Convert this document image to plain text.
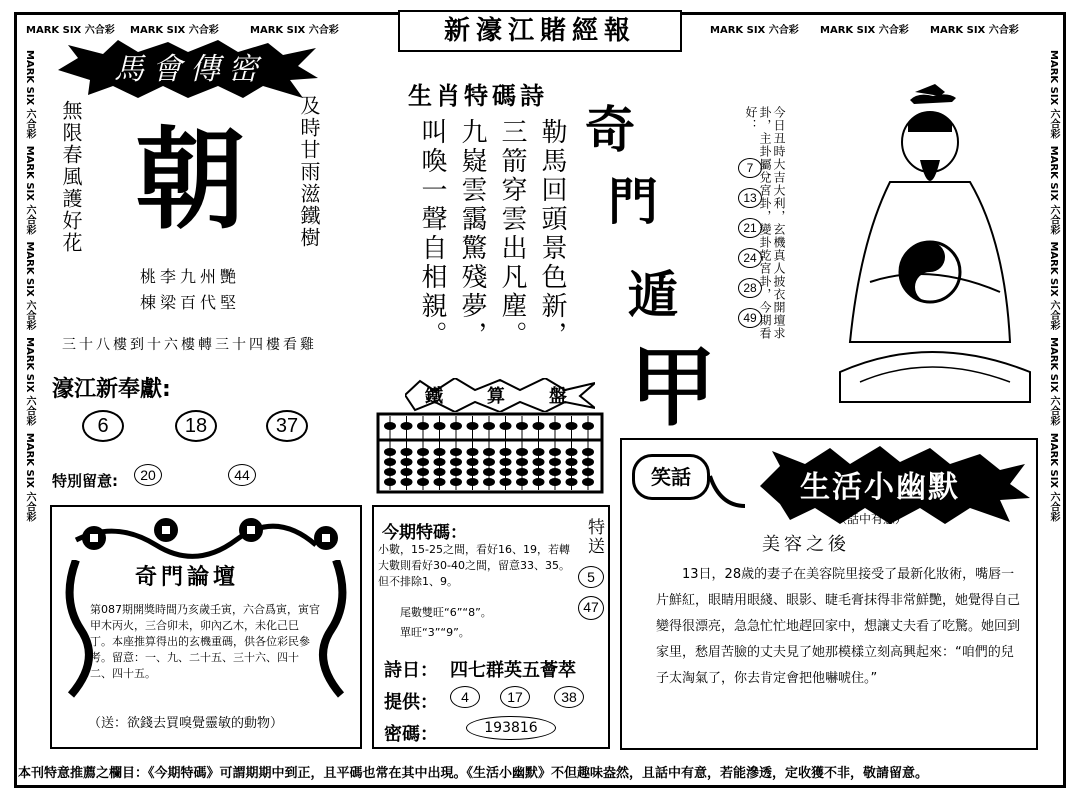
MARK SIX 六合彩 MARK SIX 六合彩	MARK SIX 六合彩	MARK SIX 六合彩 MARK SIX 六合彩 MARK SIX 六合彩
MARK SIX 六合彩  MARK SIX 六合彩  MARK SIX 六合彩  MARK SIX 六合彩  MARK SIX 六合彩
MARK SIX 六合彩  MARK SIX 六合彩  MARK SIX 六合彩  MARK SIX 六合彩  MARK SIX 六合彩
新濠江賭經報
馬會傳密
無限春風護好花	及時甘雨滋鐵樹
朝
桃李九州艷
棟梁百代堅
三十八樓到十六樓轉三十四樓看雞
濠江新奉獻:
6	18	37
特別留意:	20	44
奇門論壇
第087期開獎時間乃亥歲壬寅，六合爲寅，寅官甲木丙火，三合卯未，卯內乙木，未化己巳丁。本座推算得出的玄機重碼，供各位彩民參考。留意：一、九、二十五、三十六、四十二、四十五。
（送：欲錢去買嗅覺靈敏的動物）
生肖特碼詩
勒馬回頭景色新，
三箭穿雲出凡塵。
九嶷雲靄驚殘夢，
叫喚一聲自相親。	奇
門
遁
甲
今日丑時大吉大利，玄機真人披衣開壇求卦，主卦屬兌宮卦，變卦乾宮卦，今期看好：
7
13
21
24
28
49
鐵 算 盤
今期特碼：
小數，15-25之間，看好16、19，若轉大數則看好30-40之間，留意33、35。但不排除1、9。
尾數雙旺“6”“8”。
單旺“3”“9”。
特送
5
47
詩日： 四七群英五薈萃
提供：	4	17	38
密碼：	193816
笑話	生活小幽默
（話中有意）
美容之後
13日，28歲的妻子在美容院里接受了最新化妝術，嘴唇一片鮮紅，眼睛用眼綫、眼影、睫毛膏抹得非常鮮艷，她覺得自己變得很漂亮，急急忙忙地趕回家中，想讓丈夫看了吃驚。她回到家里，愁眉苦臉的丈夫見了她那模樣立刻高興起來：“咱們的兒子太淘氣了，你去肯定會把他嚇唬住。”
本刊特意推薦之欄目：《今期特碼》可謂期期中到正，且平碼也常在其中出現。《生活小幽默》不但趣味盎然，且話中有意，若能滲透，定收獲不非，敬請留意。
